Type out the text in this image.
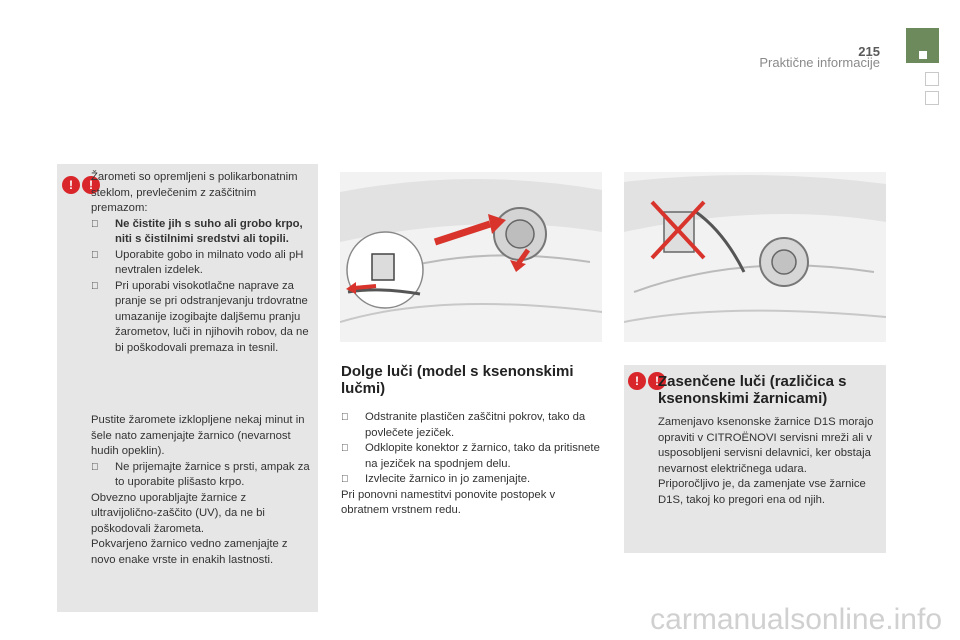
215
Praktične informacije
!	!

Žarometi so opremljeni s polikarbonatnim steklom, prevlečenim z zaščitnim premazom:

Ne čistite jih s suho ali grobo krpo, niti s čistilnimi sredstvi ali topili.

Uporabite gobo in milnato vodo ali pH nevtralen izdelek.

Pri uporabi visokotlačne naprave za pranje se pri odstranjevanju trdovratne umazanije izogibajte daljšemu pranju žarometov, luči in njihovih robov, da ne bi poškodovali premaza in tesnil.

Pustite žaromete izklopljene nekaj minut in šele nato zamenjajte žarnico (nevarnost hudih opeklin).

Ne prijemajte žarnice s prsti, ampak za to uporabite plišasto krpo.

Obvezno uporabljajte žarnice z ultravijolično-zaščito (UV), da ne bi poškodovali žarometa.

Pokvarjeno žarnico vedno zamenjajte z novo enake vrste in enakih lastnosti.

Dolge luči (model s ksenonskimi lučmi)

Odstranite plastičen zaščitni pokrov, tako da povlečete jeziček.

Odklopite konektor z žarnico, tako da pritisnete na jeziček na spodnjem delu.

Izvlecite žarnico in jo zamenjajte.

Pri ponovni namestitvi ponovite postopek v obratnem vrstnem redu.

!	! Zasenčene luči (različica s ksenonskimi žarnicami)

Zamenjavo ksenonske žarnice D1S morajo opraviti v CITROËNOVI servisni mreži ali v usposobljeni servisni delavnici, ker obstaja nevarnost električnega udara.

Priporočljivo je, da zamenjate vse žarnice D1S, takoj ko pregori ena od njih.

carmanualsonline.info
